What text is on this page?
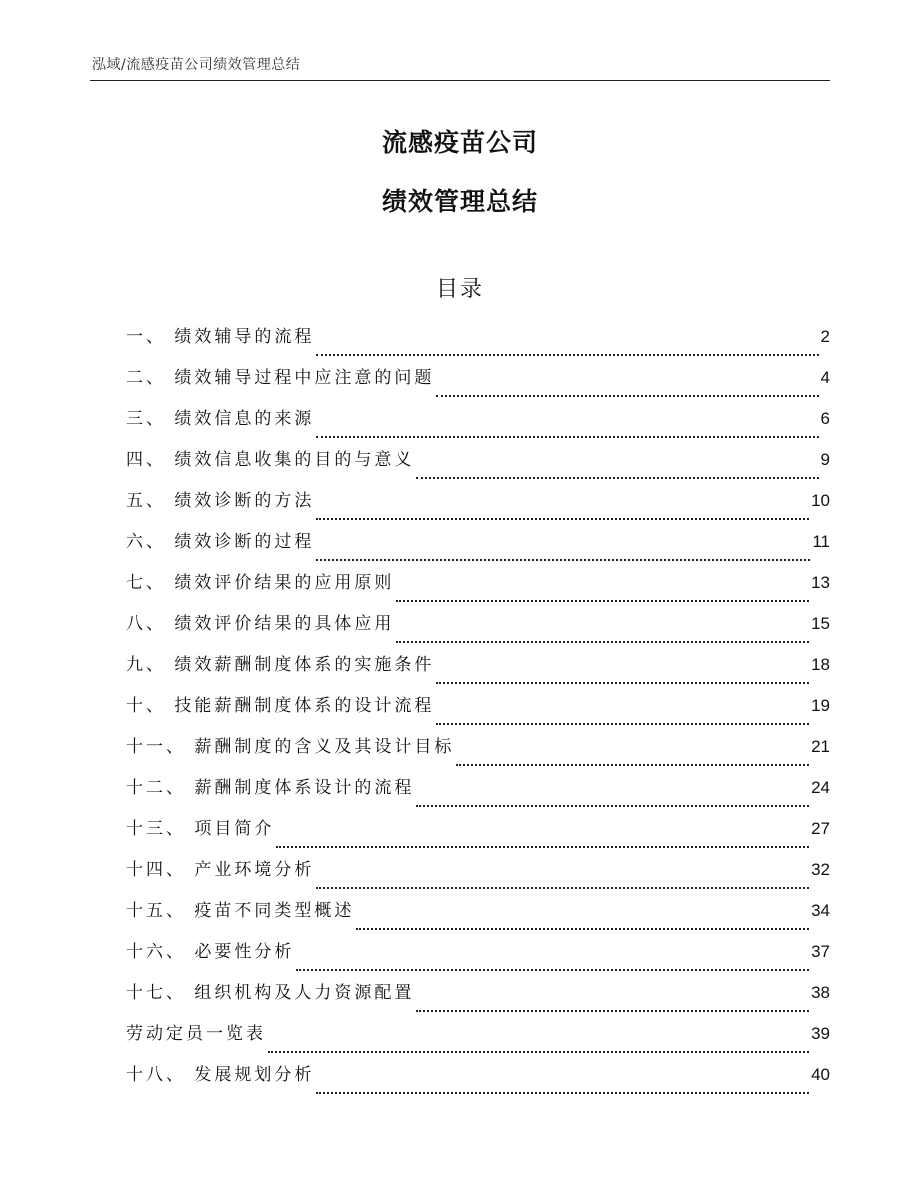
泓域/流感疫苗公司绩效管理总结
流感疫苗公司
绩效管理总结
目录
一、 绩效辅导的流程	2
二、 绩效辅导过程中应注意的问题	4
三、 绩效信息的来源	6
四、 绩效信息收集的目的与意义	9
五、 绩效诊断的方法	10
六、 绩效诊断的过程	11
七、 绩效评价结果的应用原则	13
八、 绩效评价结果的具体应用	15
九、 绩效薪酬制度体系的实施条件	18
十、 技能薪酬制度体系的设计流程	19
十一、 薪酬制度的含义及其设计目标	21
十二、 薪酬制度体系设计的流程	24
十三、 项目简介	27
十四、 产业环境分析	32
十五、 疫苗不同类型概述	34
十六、 必要性分析	37
十七、 组织机构及人力资源配置	38
劳动定员一览表	39
十八、 发展规划分析	40
